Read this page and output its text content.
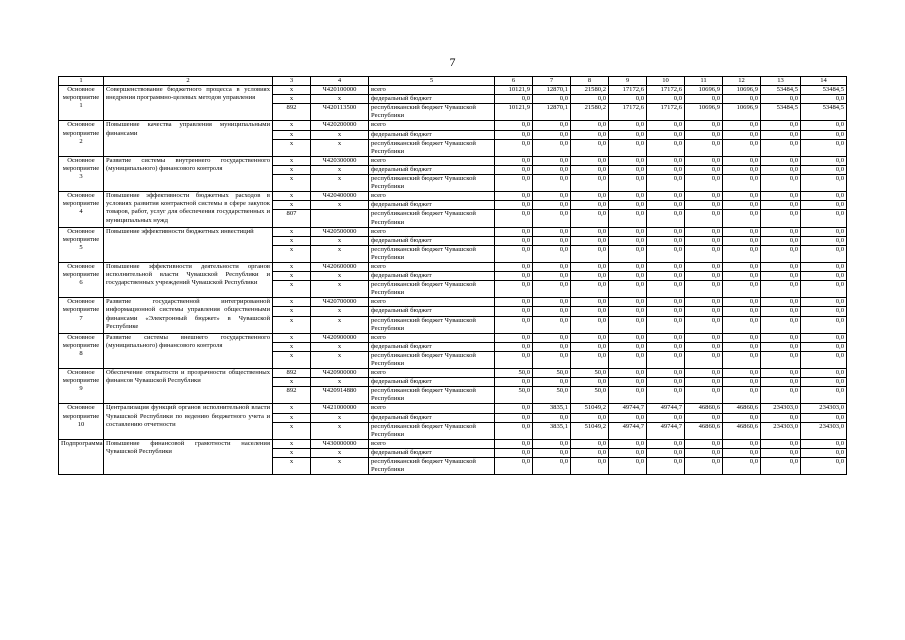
7
1	2	3	4	5	6	7	8	9	10	11	12	13	14
Основное мероприятие 1	Совершенствование бюджетного процесса в условиях внедрения программно-целевых методов управления	x	Ч420100000	всего	10121,9	12870,1	21580,2	17172,6	17172,6	10696,9	10696,9	53484,5	53484,5
		x	x	федеральный бюджет	0,0	0,0	0,0	0,0	0,0	0,0	0,0	0,0	0,0
		892	Ч420113500	республиканский бюджет Чувашской Республики	10121,9	12870,1	21580,2	17172,6	17172,6	10696,9	10696,9	53484,5	53484,5
Основное мероприятие 2	Повышение качества управления муниципальными финансами	x	Ч420200000	всего	0,0	0,0	0,0	0,0	0,0	0,0	0,0	0,0	0,0
		x	x	федеральный бюджет	0,0	0,0	0,0	0,0	0,0	0,0	0,0	0,0	0,0
		x	x	республиканский бюджет Чувашской Республики	0,0	0,0	0,0	0,0	0,0	0,0	0,0	0,0	0,0
Основное мероприятие 3	Развитие системы внутреннего государственного (муниципального) финансового контроля	x	Ч420300000	всего	0,0	0,0	0,0	0,0	0,0	0,0	0,0	0,0	0,0
		x	x	федеральный бюджет	0,0	0,0	0,0	0,0	0,0	0,0	0,0	0,0	0,0
		x	x	республиканский бюджет Чувашской Республики	0,0	0,0	0,0	0,0	0,0	0,0	0,0	0,0	0,0
Основное мероприятие 4	Повышение эффективности бюджетных расходов в условиях развития контрактной системы в сфере закупок товаров, работ, услуг для обеспечения государственных и муниципальных нужд	x	Ч420400000	всего	0,0	0,0	0,0	0,0	0,0	0,0	0,0	0,0	0,0
		x	x	федеральный бюджет	0,0	0,0	0,0	0,0	0,0	0,0	0,0	0,0	0,0
		807		республиканский бюджет Чувашской Республики	0,0	0,0	0,0	0,0	0,0	0,0	0,0	0,0	0,0
Основное мероприятие 5	Повышение эффективности бюджетных инвестиций	x	Ч420500000	всего	0,0	0,0	0,0	0,0	0,0	0,0	0,0	0,0	0,0
		x	x	федеральный бюджет	0,0	0,0	0,0	0,0	0,0	0,0	0,0	0,0	0,0
		x	x	республиканский бюджет Чувашской Республики	0,0	0,0	0,0	0,0	0,0	0,0	0,0	0,0	0,0
Основное мероприятие 6	Повышение эффективности деятельности органов исполнительной власти Чувашской Республики и государственных учреждений Чувашской Республики	x	Ч420600000	всего	0,0	0,0	0,0	0,0	0,0	0,0	0,0	0,0	0,0
		x	x	федеральный бюджет	0,0	0,0	0,0	0,0	0,0	0,0	0,0	0,0	0,0
		x	x	республиканский бюджет Чувашской Республики	0,0	0,0	0,0	0,0	0,0	0,0	0,0	0,0	0,0
Основное мероприятие 7	Развитие государственной интегрированной информационной системы управления общественными финансами «Электронный бюджет» в Чувашской Республике	x	Ч420700000	всего	0,0	0,0	0,0	0,0	0,0	0,0	0,0	0,0	0,0
		x	x	федеральный бюджет	0,0	0,0	0,0	0,0	0,0	0,0	0,0	0,0	0,0
		x	x	республиканский бюджет Чувашской Республики	0,0	0,0	0,0	0,0	0,0	0,0	0,0	0,0	0,0
Основное мероприятие 8	Развитие системы внешнего государственного (муниципального) финансового контроля	x	Ч420900000	всего	0,0	0,0	0,0	0,0	0,0	0,0	0,0	0,0	0,0
		x	x	федеральный бюджет	0,0	0,0	0,0	0,0	0,0	0,0	0,0	0,0	0,0
		x	x	республиканский бюджет Чувашской Республики	0,0	0,0	0,0	0,0	0,0	0,0	0,0	0,0	0,0
Основное мероприятие 9	Обеспечение открытости и прозрачности общественных финансов Чувашской Республики	892	Ч420900000	всего	50,0	50,0	50,0	0,0	0,0	0,0	0,0	0,0	0,0
		x	x	федеральный бюджет	0,0	0,0	0,0	0,0	0,0	0,0	0,0	0,0	0,0
		892	Ч420914880	республиканский бюджет Чувашской Республики	50,0	50,0	50,0	0,0	0,0	0,0	0,0	0,0	0,0
Основное мероприятие 10	Централизация функций органов исполнительной власти Чувашской Республики по ведению бюджетного учета и составлению отчетности	x	Ч421000000	всего	0,0	3835,1	51049,2	49744,7	49744,7	46860,6	46860,6	234303,0	234303,0
		x	x	федеральный бюджет	0,0	0,0	0,0	0,0	0,0	0,0	0,0	0,0	0,0
		x	x	республиканский бюджет Чувашской Республики	0,0	3835,1	51049,2	49744,7	49744,7	46860,6	46860,6	234303,0	234303,0
Подпрограмма	Повышение финансовой грамотности населения Чувашской Республики	x	Ч430000000	всего	0,0	0,0	0,0	0,0	0,0	0,0	0,0	0,0	0,0
		x	x	федеральный бюджет	0,0	0,0	0,0	0,0	0,0	0,0	0,0	0,0	0,0
		x	x	республиканский бюджет Чувашской Республики	0,0	0,0	0,0	0,0	0,0	0,0	0,0	0,0	0,0
